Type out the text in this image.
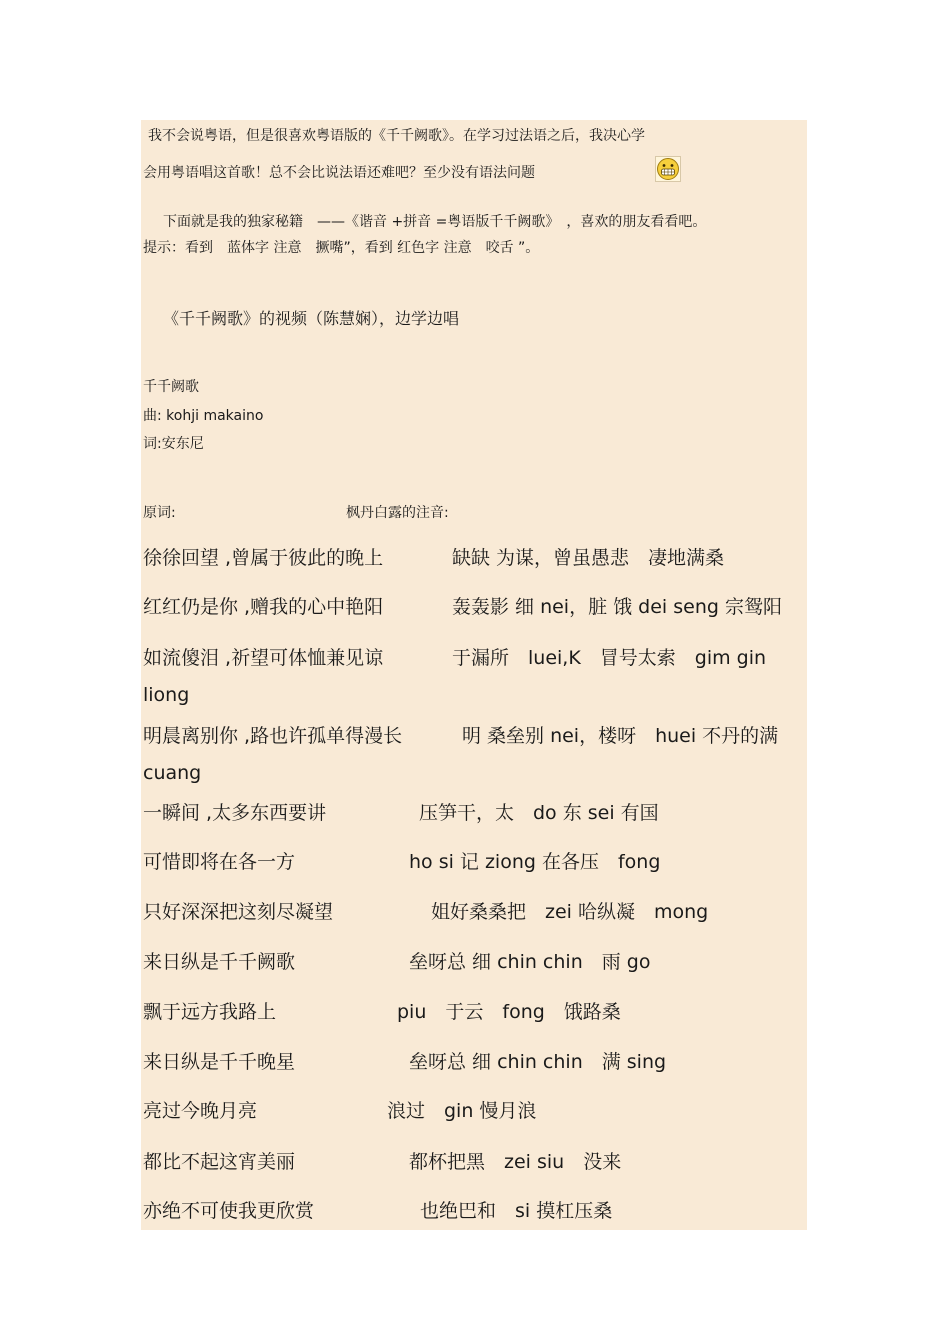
我不会说粤语，但是很喜欢粤语版的《千千阙歌》。在学习过法语之后，我决心学

会用粤语唱这首歌！总不会比说法语还难吧？至少没有语法问题

下面就是我的独家秘籍　——《谐音 +拼音 =粤语版千千阙歌》　，喜欢的朋友看看吧。

提示：看到　蓝体字 注意　撅嘴”，看到 红色字 注意　咬舌 ”。

《千千阙歌》的视频（陈慧娴），边学边唱

千千阙歌

曲: kohji makaino

词:安东尼

原词:	枫丹白露的注音:

徐徐回望 ,曾属于彼此的晚上	缺缺 为谋，曾虽愚悲　凄地满桑

红红仍是你 ,赠我的心中艳阳	轰轰影 细 nei，脏 饿 dei seng 宗鸳阳

如流傻泪 ,祈望可体恤兼见谅	于漏所　luei,K　冒号太索　gim gin

liong

明晨离别你 ,路也许孤单得漫长	明 桑垒别 nei，楼呀　huei 不丹的满

cuang

一瞬间 ,太多东西要讲	压笋干，太　do 东 sei 有国

可惜即将在各一方	ho si 记 ziong 在各压　fong

只好深深把这刻尽凝望	姐好桑桑把　zei 哈纵凝　mong

来日纵是千千阙歌	垒呀总 细 chin chin　雨 go

飘于远方我路上	piu　于云　fong　饿路桑

来日纵是千千晚星	垒呀总 细 chin chin　满 sing

亮过今晚月亮	浪过　gin 慢月浪

都比不起这宵美丽	都杯把黑　zei siu　没来

亦绝不可使我更欣赏	也绝巴和　si 摸杠压桑
